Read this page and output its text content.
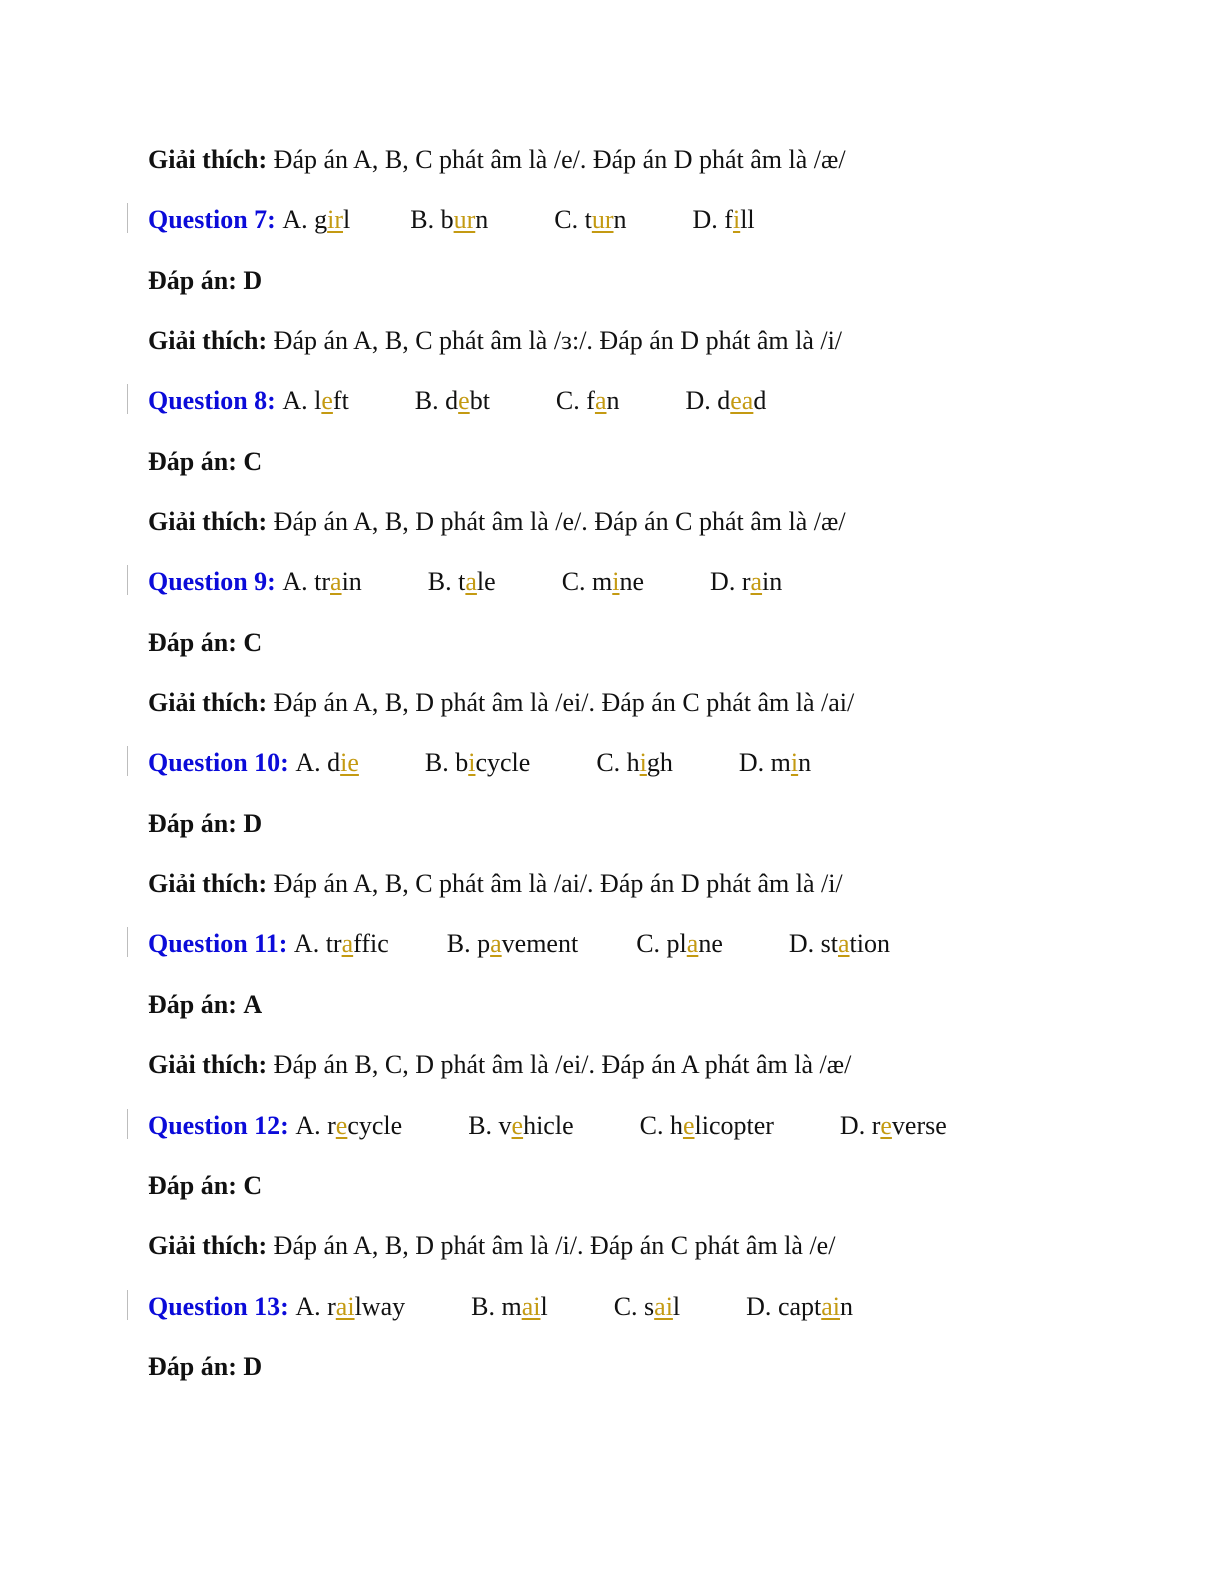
Giải thích: Đáp án A, B, C phát âm là /e/. Đáp án D phát âm là /æ/
Question 7: A. girl B. burn	C. turn	D. fill
Đáp án: D
Giải thích: Đáp án A, B, C phát âm là /ɜ:/. Đáp án D phát âm là /i/
Question 8: A. left	B. debt	C. fan	D. dead
Đáp án: C
Giải thích: Đáp án A, B, D phát âm là /e/. Đáp án C phát âm là /æ/
Question 9: A. train	B. tale	C. mine	D. rain
Đáp án: C
Giải thích: Đáp án A, B, D phát âm là /ei/. Đáp án C phát âm là /ai/
Question 10: A. die	B. bicycle	C. high	D. min
Đáp án: D
Giải thích: Đáp án A, B, C phát âm là /ai/. Đáp án D phát âm là /i/
Question 11: A. traffic B. pavement C. plane	D. station
Đáp án: A
Giải thích: Đáp án B, C, D phát âm là /ei/. Đáp án A phát âm là /æ/
Question 12: A. recycle	B. vehicle	C. helicopter	D. reverse
Đáp án: C
Giải thích: Đáp án A, B, D phát âm là /i/. Đáp án C phát âm là /e/
Question 13: A. railway	B. mail	C. sail	D. captain
Đáp án: D
